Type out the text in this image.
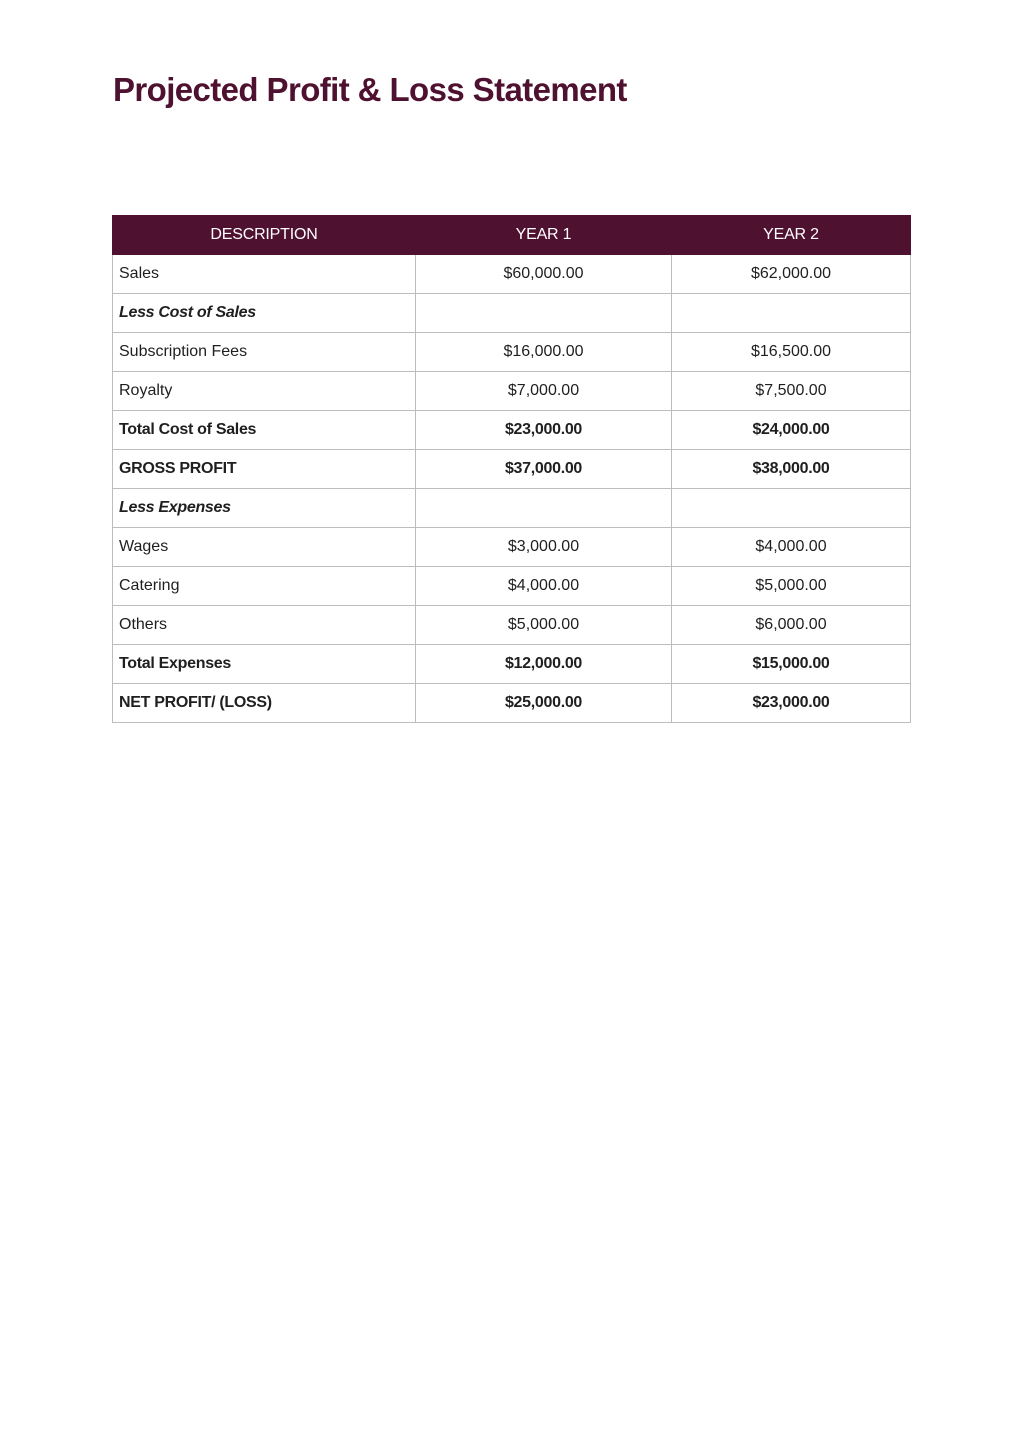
Projected Profit & Loss Statement
DESCRIPTION	YEAR 1	YEAR 2
Sales	$60,000.00	$62,000.00
Less Cost of Sales		
Subscription Fees	$16,000.00	$16,500.00
Royalty	$7,000.00	$7,500.00
Total Cost of Sales	$23,000.00	$24,000.00
GROSS PROFIT	$37,000.00	$38,000.00
Less Expenses		
Wages	$3,000.00	$4,000.00
Catering	$4,000.00	$5,000.00
Others	$5,000.00	$6,000.00
Total Expenses	$12,000.00	$15,000.00
NET PROFIT/ (LOSS)	$25,000.00	$23,000.00
